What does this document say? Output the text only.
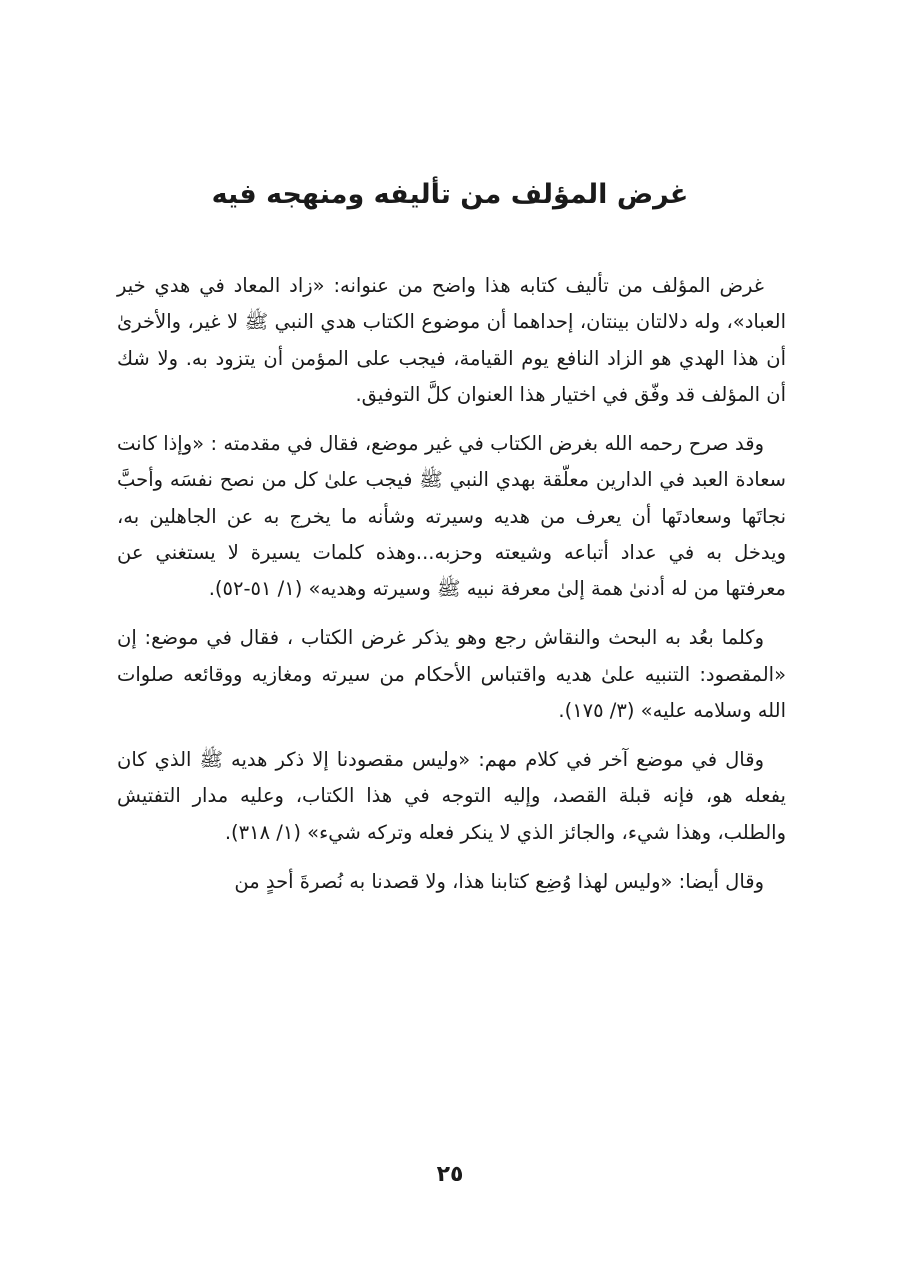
غرض المؤلف من تأليفه ومنهجه فيه

غرض المؤلف من تأليف كتابه هذا واضح من عنوانه: «زاد المعاد في هدي خير العباد»، وله دلالتان بينتان، إحداهما أن موضوع الكتاب هدي النبي ﷺ لا غير، والأخرىٰ أن هذا الهدي هو الزاد النافع يوم القيامة، فيجب على المؤمن أن يتزود به. ولا شك أن المؤلف قد وفّق في اختيار هذا العنوان كلَّ التوفيق.

وقد صرح رحمه الله بغرض الكتاب في غير موضع، فقال في مقدمته : «وإذا كانت سعادة العبد في الدارين معلّقة بهدي النبي ﷺ فيجب علىٰ كل من نصح نفسَه وأحبَّ نجاتَها وسعادتَها أن يعرف من هديه وسيرته وشأنه ما يخرج به عن الجاهلين به، ويدخل به في عداد أتباعه وشيعته وحزبه...وهذه كلمات يسيرة لا يستغني عن معرفتها من له أدنىٰ همة إلىٰ معرفة نبيه ﷺ وسيرته وهديه» (١/ ٥١-٥٢).

وكلما بعُد به البحث والنقاش رجع وهو يذكر غرض الكتاب ، فقال في موضع: إن «المقصود: التنبيه علىٰ هديه واقتباس الأحكام من سيرته ومغازيه ووقائعه صلوات الله وسلامه عليه» (٣/ ١٧٥).

وقال في موضع آخر في كلام مهم: «وليس مقصودنا إلا ذكر هديه ﷺ الذي كان يفعله هو، فإنه قبلة القصد، وإليه التوجه في هذا الكتاب، وعليه مدار التفتيش والطلب، وهذا شيء، والجائز الذي لا ينكر فعله وتركه شيء» (١/ ٣١٨).

وقال أيضا: «وليس لهذا وُضِع كتابنا هذا، ولا قصدنا به نُصرةَ أحدٍ من

٢٥
